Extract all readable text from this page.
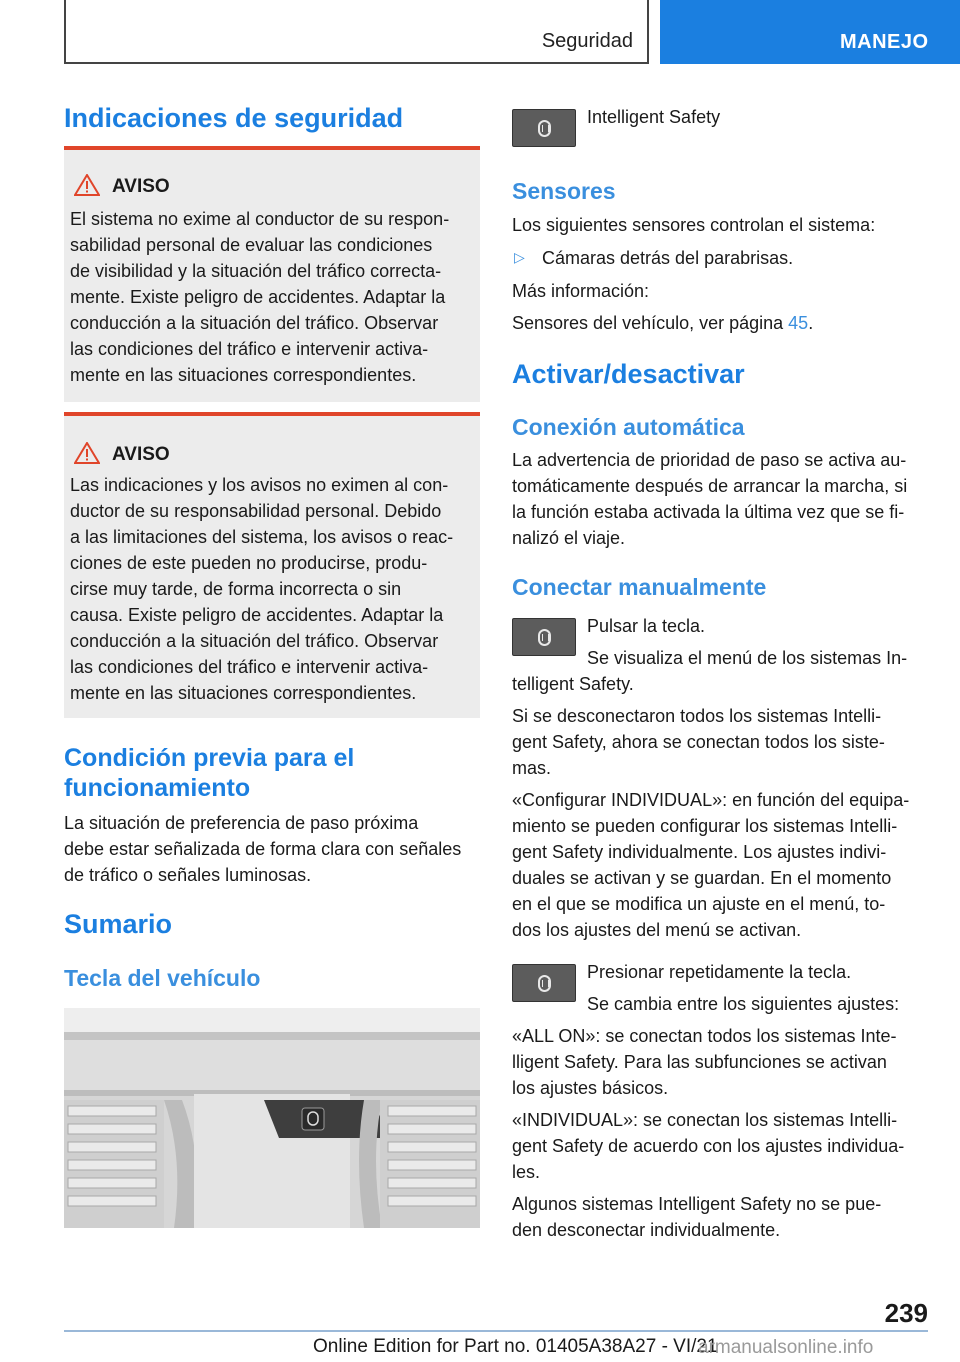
Seguridad	MANEJO
Indicaciones de seguridad
AVISO
El sistema no exime al conductor de su respon-
sabilidad personal de evaluar las condiciones
de visibilidad y la situación del tráfico correcta-
mente. Existe peligro de accidentes. Adaptar la
conducción a la situación del tráfico. Observar
las condiciones del tráfico e intervenir activa-
mente en las situaciones correspondientes.
AVISO
Las indicaciones y los avisos no eximen al con-
ductor de su responsabilidad personal. Debido
a las limitaciones del sistema, los avisos o reac-
ciones de este pueden no producirse, produ-
cirse muy tarde, de forma incorrecta o sin
causa. Existe peligro de accidentes. Adaptar la
conducción a la situación del tráfico. Observar
las condiciones del tráfico e intervenir activa-
mente en las situaciones correspondientes.
Condición previa para el
funcionamiento
La situación de preferencia de paso próxima
debe estar señalizada de forma clara con señales
de tráfico o señales luminosas.
Sumario
Tecla del vehículo
Intelligent Safety
Sensores
Los siguientes sensores controlan el sistema:
▷ Cámaras detrás del parabrisas.
Más información:
Sensores del vehículo, ver página 45.
Activar/desactivar
Conexión automática
La advertencia de prioridad de paso se activa au-
tomáticamente después de arrancar la marcha, si
la función estaba activada la última vez que se fi-
nalizó el viaje.
Conectar manualmente
Pulsar la tecla.
Se visualiza el menú de los sistemas In-
telligent Safety.
Si se desconectaron todos los sistemas Intelli-
gent Safety, ahora se conectan todos los siste-
mas.
«Configurar INDIVIDUAL»: en función del equipa-
miento se pueden configurar los sistemas Intelli-
gent Safety individualmente. Los ajustes indivi-
duales se activan y se guardan. En el momento
en el que se modifica un ajuste en el menú, to-
dos los ajustes del menú se activan.
Presionar repetidamente la tecla.
Se cambia entre los siguientes ajustes:
«ALL ON»: se conectan todos los sistemas Inte-
lligent Safety. Para las subfunciones se activan
los ajustes básicos.
«INDIVIDUAL»: se conectan los sistemas Intelli-
gent Safety de acuerdo con los ajustes individua-
les.
Algunos sistemas Intelligent Safety no se pue-
den desconectar individualmente.
239
Online Edition for Part no. 01405A38A27 - VI/21
armanualsonline.info
